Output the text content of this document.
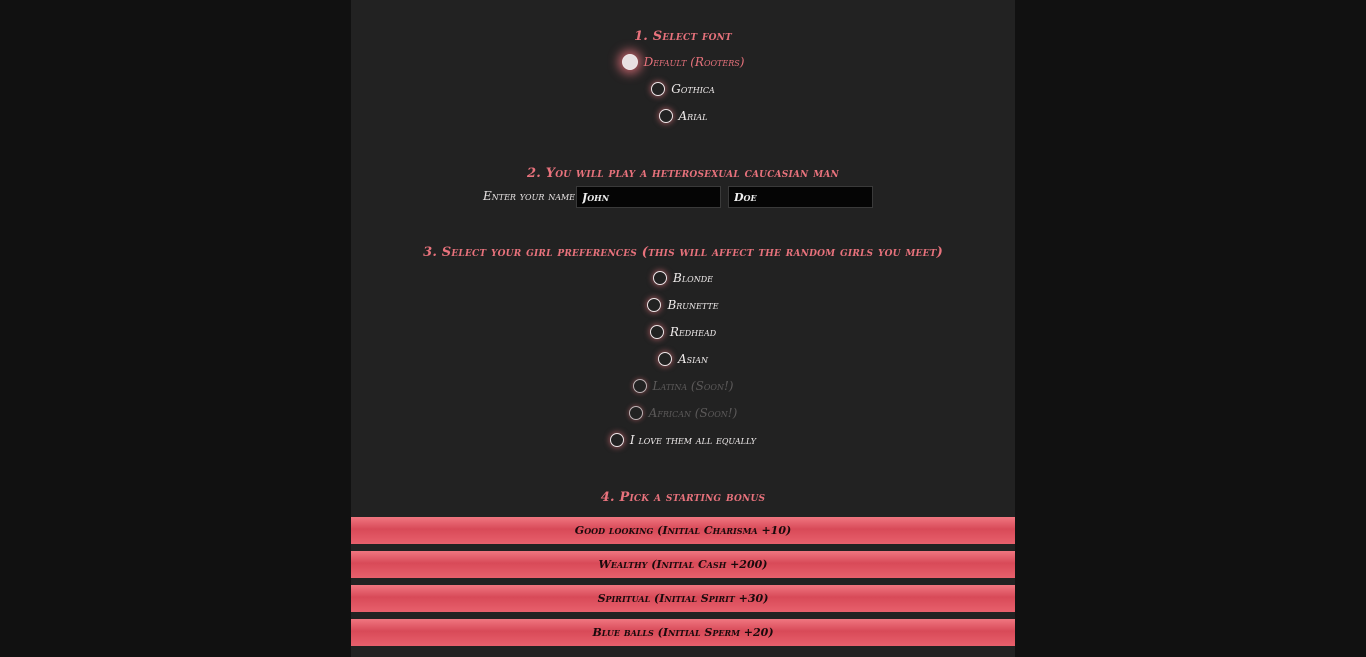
1. Select font
Default (Rooters)
Gothica
Arial
2. You will play a heterosexual caucasian man
Enter your name
John
Doe
3. Select your girl preferences (this will affect the random girls you meet)
Blonde
Brunette
Redhead
Asian
Latina (Soon!)
African (Soon!)
I love them all equally
4. Pick a starting bonus
Good looking (Initial Charisma +10)
Wealthy (Initial Cash +200)
Spiritual (Initial Spirit +30)
Blue balls (Initial Sperm +20)
